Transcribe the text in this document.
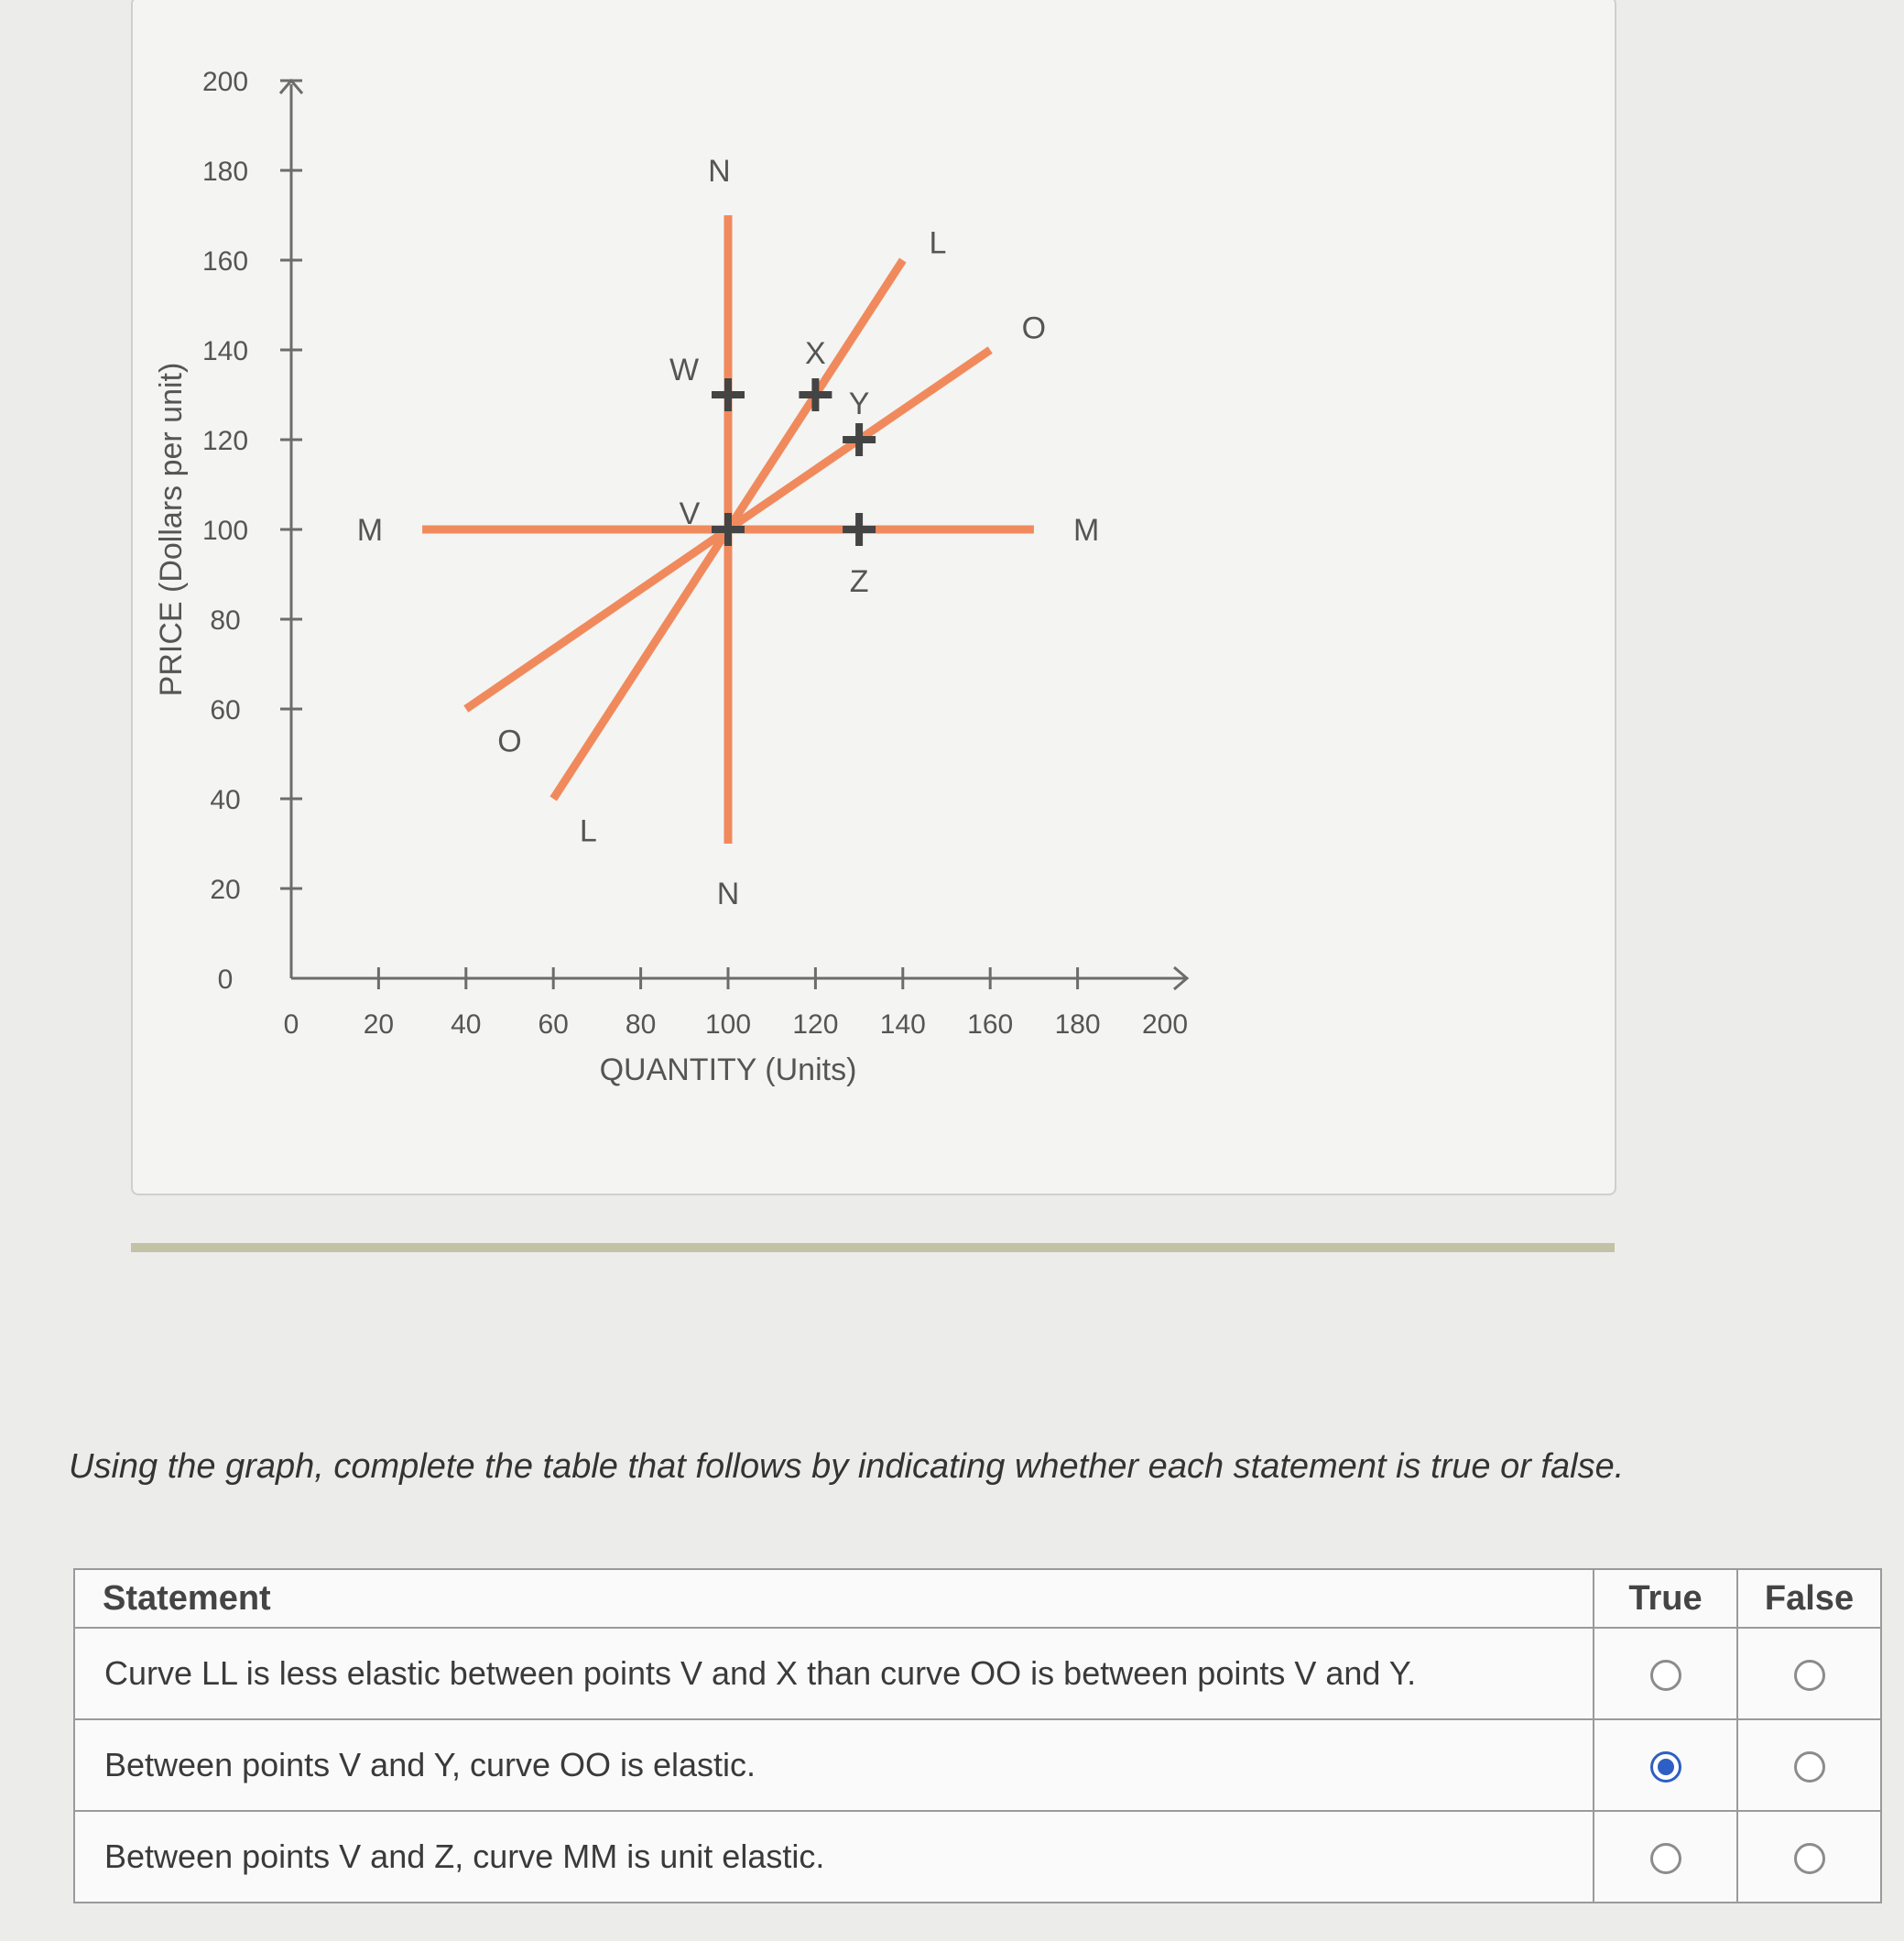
0
20
40
60
80
100
120
140
160
180
200
0 20 40 60 80 100 120 140 160 180 200
QUANTITY (Units)
PRICE (Dollars per unit)	M	M
N
N
L
L
O
O
V
W	X
Y
Z
Using the graph, complete the table that follows by indicating whether each statement is true or false.
Statement	True	False
Curve LL is less elastic between points V and X than curve OO is between points V and Y.		
Between points V and Y, curve OO is elastic.		
Between points V and Z, curve MM is unit elastic.		
